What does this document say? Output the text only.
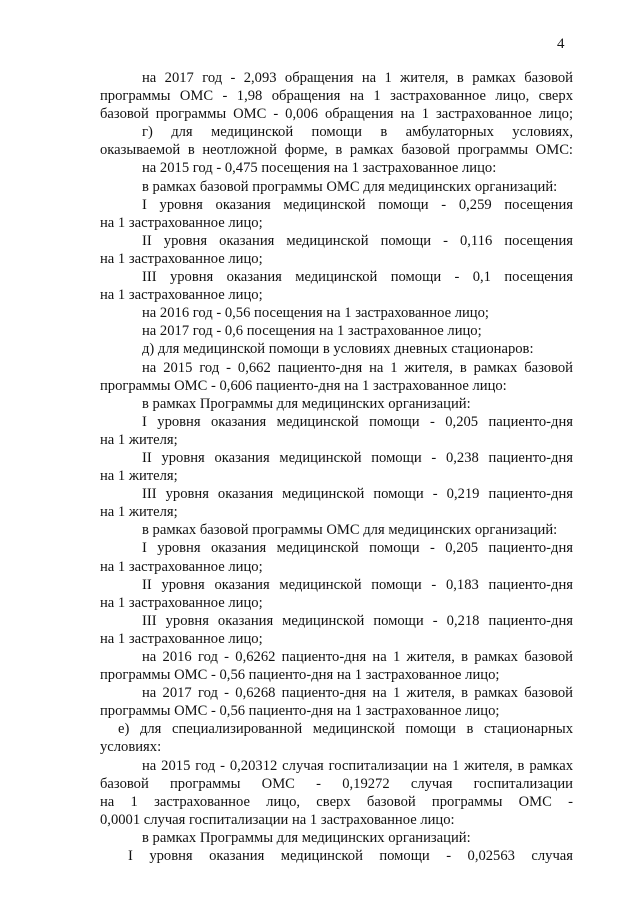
4

на 2017 год - 2,093 обращения на 1 жителя, в рамках базовой

программы ОМС - 1,98 обращения на 1 застрахованное лицо, сверх

базовой программы ОМС - 0,006 обращения на 1 застрахованное лицо;

г) для медицинской помощи в амбулаторных условиях,

оказываемой в неотложной форме, в рамках базовой программы ОМС:

на 2015 год - 0,475 посещения на 1 застрахованное лицо:

в рамках базовой программы ОМС для медицинских организаций:

I уровня оказания медицинской помощи - 0,259 посещения

на 1 застрахованное лицо;

II уровня оказания медицинской помощи - 0,116 посещения

на 1 застрахованное лицо;

III уровня оказания медицинской помощи - 0,1 посещения

на 1 застрахованное лицо;

на 2016 год - 0,56 посещения на 1 застрахованное лицо;

на 2017 год - 0,6 посещения на 1 застрахованное лицо;

д) для медицинской помощи в условиях дневных стационаров:

на 2015 год - 0,662 пациенто-дня на 1 жителя, в рамках базовой

программы ОМС - 0,606 пациенто-дня на 1 застрахованное лицо:

в рамках Программы для медицинских организаций:

I уровня оказания медицинской помощи - 0,205 пациенто-дня

на 1 жителя;

II уровня оказания медицинской помощи - 0,238 пациенто-дня

на 1 жителя;

III уровня оказания медицинской помощи - 0,219 пациенто-дня

на 1 жителя;

в рамках базовой программы ОМС для медицинских организаций:

I уровня оказания медицинской помощи - 0,205 пациенто-дня

на 1 застрахованное лицо;

II уровня оказания медицинской помощи - 0,183 пациенто-дня

на 1 застрахованное лицо;

III уровня оказания медицинской помощи - 0,218 пациенто-дня

на 1 застрахованное лицо;

на 2016 год - 0,6262 пациенто-дня на 1 жителя, в рамках базовой

программы ОМС - 0,56 пациенто-дня на 1 застрахованное лицо;

на 2017 год - 0,6268 пациенто-дня на 1 жителя, в рамках базовой

программы ОМС - 0,56 пациенто-дня на 1 застрахованное лицо;

е) для специализированной медицинской помощи в стационарных

условиях:

на 2015 год - 0,20312 случая госпитализации на 1 жителя, в рамках

базовой программы ОМС - 0,19272 случая госпитализации

на 1 застрахованное лицо, сверх базовой программы ОМС -

0,0001 случая госпитализации на 1 застрахованное лицо:

в рамках Программы для медицинских организаций:

I уровня оказания медицинской помощи - 0,02563 случая
